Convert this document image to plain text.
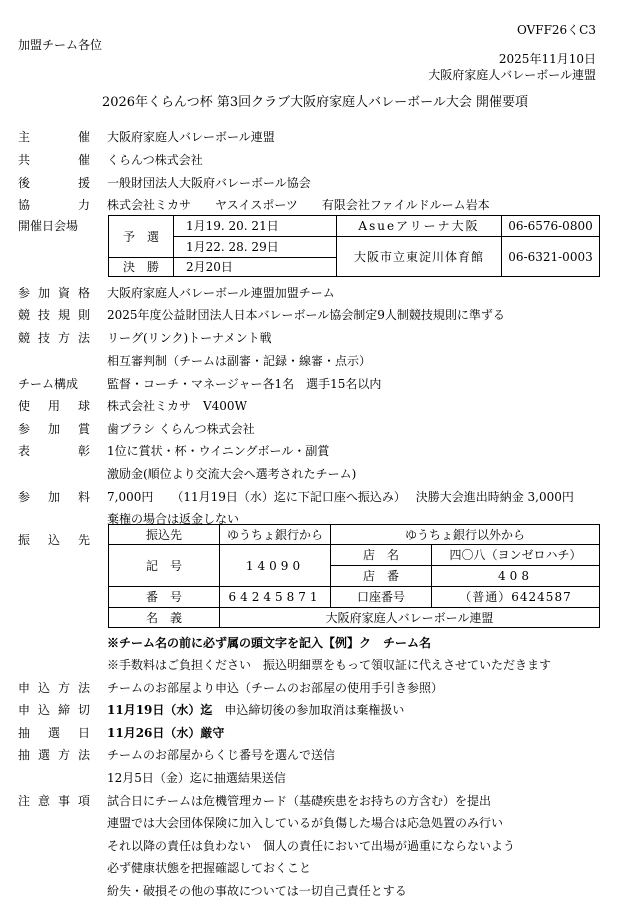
OVFF26くC3
加盟チーム各位
2025年11月10日
大阪府家庭人バレーボール連盟
2026年くらんつ杯 第3回クラブ大阪府家庭人バレーボール大会 開催要項
主	催 大阪府家庭人バレーボール連盟
共	催 くらんつ株式会社
後	援 一般財団法人大阪府バレーボール協会
協	力 株式会社ミカサ　　ヤスイスポーツ　　有限会社ファイルドルーム岩本
開催日会場
予　選	1月19. 20. 21日	Asueアリーナ大阪	06-6576-0800
	1月22. 28. 29日	大阪市立東淀川体育館	06-6321-0003
決　勝	2月20日		
参 加 資 格 大阪府家庭人バレーボール連盟加盟チーム
競 技 規 則 2025年度公益財団法人日本バレーボール協会制定9人制競技規則に準ずる
競 技 方 法 リーグ(リンク)トーナメント戦
相互審判制（チームは副審・記録・線審・点示）
チーム構成 監督・コーチ・マネージャー各1名　選手15名以内
使 用 球 株式会社ミカサ　V400W
参 加 賞 歯ブラシ くらんつ株式会社
表	彰 1位に賞状・杯・ウイニングボール・副賞
激励金(順位より交流大会へ選考されたチーム)
参 加 料 7,000円　　（11月19日（水）迄に下記口座へ振込み）　 決勝大会進出時納金 3,000円
棄権の場合は返金しない
振 込 先	振込先	ゆうちょ銀行から	ゆうちょ銀行以外から	
記　号	14090	店　名	四〇八（ヨンゼロハチ）
		店　番	408
番　号	64245871	口座番号	（普通）6424587
名　義	大阪府家庭人バレーボール連盟		
※チーム名の前に必ず属の頭文字を記入【例】ク　チーム名
※手数料はご負担ください　振込明細票をもって領収証に代えさせていただきます
申 込 方 法 チームのお部屋より申込（チームのお部屋の使用手引き参照）
申 込 締 切 11月19日（水）迄　 申込締切後の参加取消は棄権扱い
抽 選 日 11月26日（水）厳守
抽 選 方 法 チームのお部屋からくじ番号を選んで送信
12月5日（金）迄に抽選結果送信
注 意 事 項 試合日にチームは危機管理カード（基礎疾患をお持ちの方含む）を提出
連盟では大会団体保険に加入しているが負傷した場合は応急処置のみ行い
それ以降の責任は負わない　個人の責任において出場が過重にならないよう
必ず健康状態を把握確認しておくこと
紛失・破損その他の事故については一切自己責任とする
